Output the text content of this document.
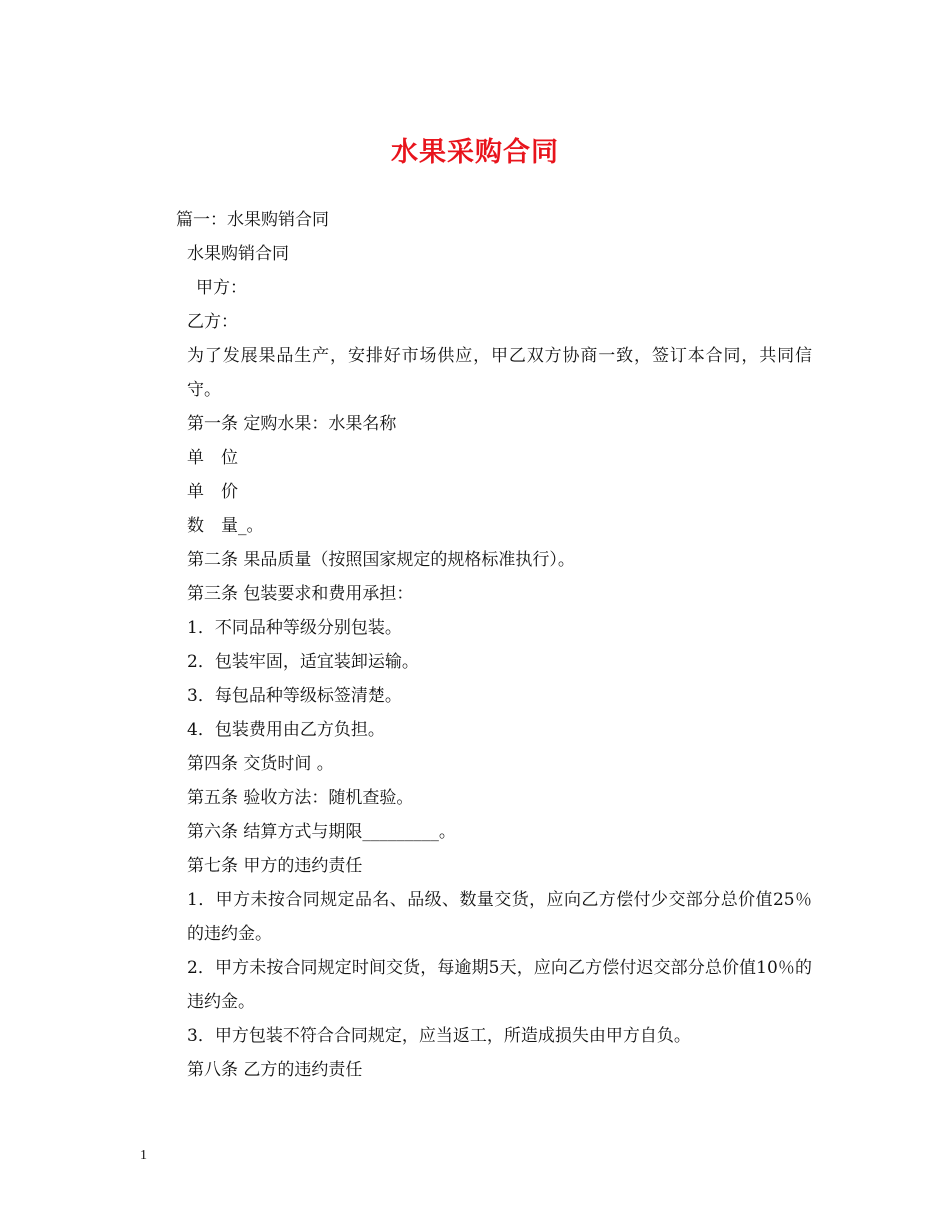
水果采购合同

篇一：水果购销合同

水果购销合同

甲方：

乙方：

为了发展果品生产，安排好市场供应，甲乙双方协商一致，签订本合同，共同信守。

第一条 定购水果：水果名称

单　位

单　价

数　量_。

第二条 果品质量（按照国家规定的规格标准执行）。

第三条 包装要求和费用承担：

1．不同品种等级分别包装。

2．包装牢固，适宜装卸运输。

3．每包品种等级标签清楚。

4．包装费用由乙方负担。

第四条 交货时间 。

第五条 验收方法：随机查验。

第六条 结算方式与期限_________。

第七条 甲方的违约责任

1．甲方未按合同规定品名、品级、数量交货，应向乙方偿付少交部分总价值25％的违约金。

2．甲方未按合同规定时间交货，每逾期5天，应向乙方偿付迟交部分总价值10％的违约金。

3．甲方包装不符合合同规定，应当返工，所造成损失由甲方自负。

第八条 乙方的违约责任

1
